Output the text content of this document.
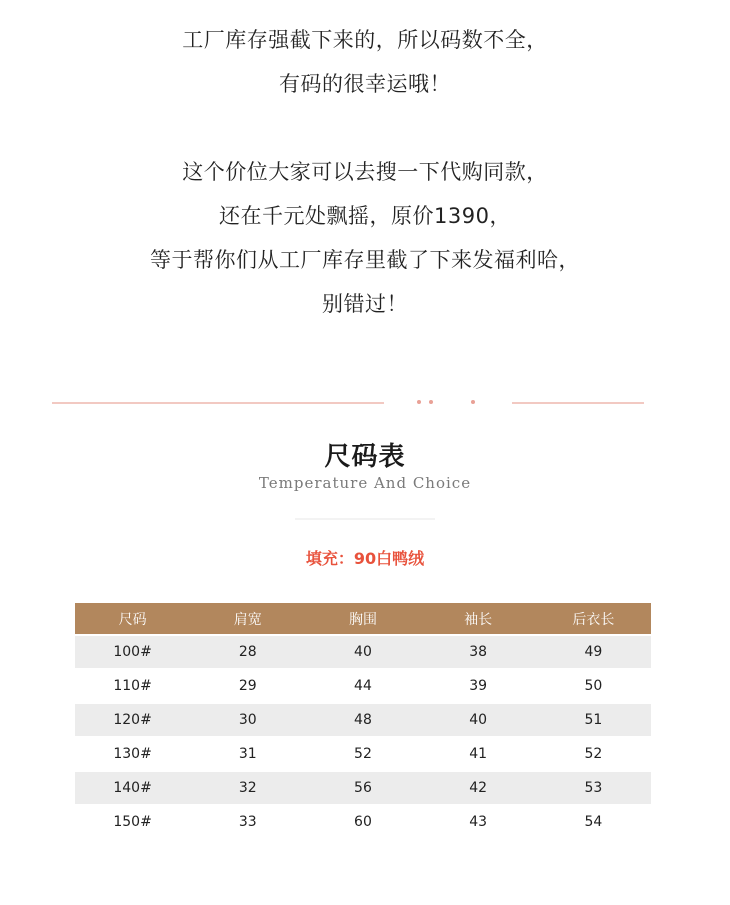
工厂库存强截下来的，所以码数不全，
有码的很幸运哦！
这个价位大家可以去搜一下代购同款，
还在千元处飘摇，原价1390，
等于帮你们从工厂库存里截了下来发福利哈，
别错过！
尺码表
Temperature And Choice
填充：90白鸭绒
尺码	肩宽	胸围	袖长	后衣长
100#	28	40	38	49
110#	29	44	39	50
120#	30	48	40	51
130#	31	52	41	52
140#	32	56	42	53
150#	33	60	43	54
